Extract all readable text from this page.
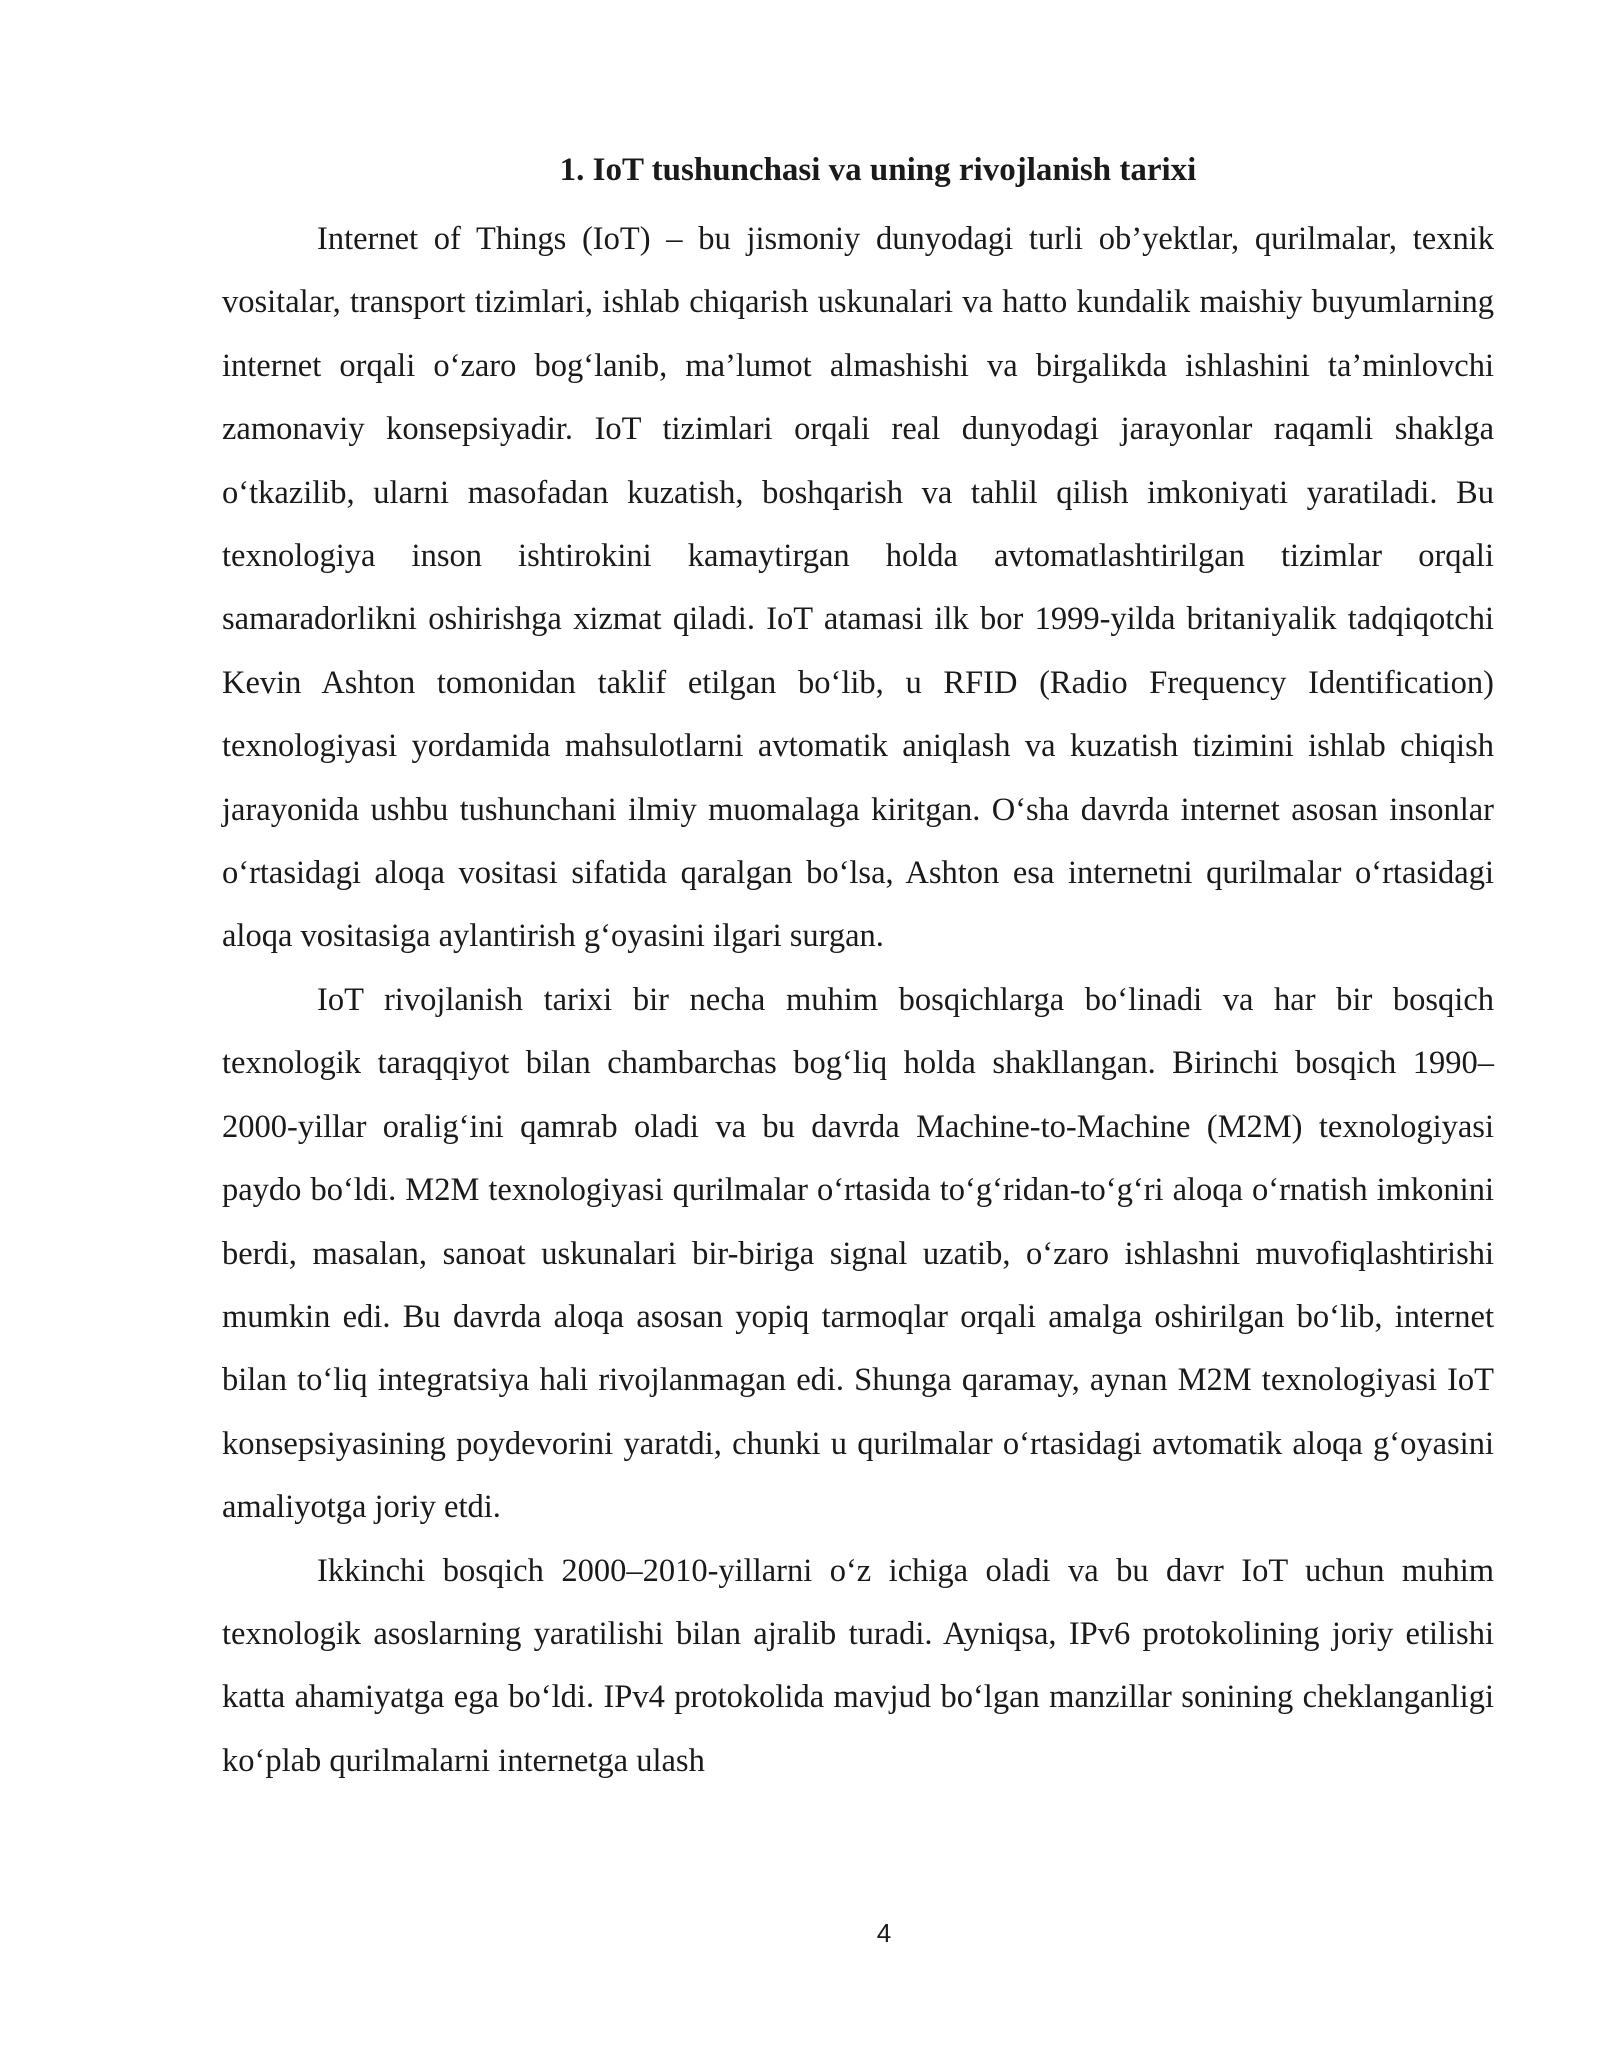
1. IoT tushunchasi va uning rivojlanish tarixi

Internet of Things (IoT) – bu jismoniy dunyodagi turli ob’yektlar, qurilmalar, texnik vositalar, transport tizimlari, ishlab chiqarish uskunalari va hatto kundalik maishiy buyumlarning internet orqali o‘zaro bog‘lanib, ma’lumot almashishi va birgalikda ishlashini ta’minlovchi zamonaviy konsepsiyadir. IoT tizimlari orqali real dunyodagi jarayonlar raqamli shaklga o‘tkazilib, ularni masofadan kuzatish, boshqarish va tahlil qilish imkoniyati yaratiladi. Bu texnologiya inson ishtirokini kamaytirgan holda avtomatlashtirilgan tizimlar orqali samaradorlikni oshirishga xizmat qiladi. IoT atamasi ilk bor 1999-yilda britaniyalik tadqiqotchi Kevin Ashton tomonidan taklif etilgan bo‘lib, u RFID (Radio Frequency Identification) texnologiyasi yordamida mahsulotlarni avtomatik aniqlash va kuzatish tizimini ishlab chiqish jarayonida ushbu tushunchani ilmiy muomalaga kiritgan. O‘sha davrda internet asosan insonlar o‘rtasidagi aloqa vositasi sifatida qaralgan bo‘lsa, Ashton esa internetni qurilmalar o‘rtasidagi aloqa vositasiga aylantirish g‘oyasini ilgari surgan.

IoT rivojlanish tarixi bir necha muhim bosqichlarga bo‘linadi va har bir bosqich texnologik taraqqiyot bilan chambarchas bog‘liq holda shakllangan. Birinchi bosqich 1990–2000-yillar oralig‘ini qamrab oladi va bu davrda Machine-to-Machine (M2M) texnologiyasi paydo bo‘ldi. M2M texnologiyasi qurilmalar o‘rtasida to‘g‘ridan-to‘g‘ri aloqa o‘rnatish imkonini berdi, masalan, sanoat uskunalari bir-biriga signal uzatib, o‘zaro ishlashni muvofiqlashtirishi mumkin edi. Bu davrda aloqa asosan yopiq tarmoqlar orqali amalga oshirilgan bo‘lib, internet bilan to‘liq integratsiya hali rivojlanmagan edi. Shunga qaramay, aynan M2M texnologiyasi IoT konsepsiyasining poydevorini yaratdi, chunki u qurilmalar o‘rtasidagi avtomatik aloqa g‘oyasini amaliyotga joriy etdi.

Ikkinchi bosqich 2000–2010-yillarni o‘z ichiga oladi va bu davr IoT uchun muhim texnologik asoslarning yaratilishi bilan ajralib turadi. Ayniqsa, IPv6 protokolining joriy etilishi katta ahamiyatga ega bo‘ldi. IPv4 protokolida mavjud bo‘lgan manzillar sonining cheklanganligi ko‘plab qurilmalarni internetga ulash

4
